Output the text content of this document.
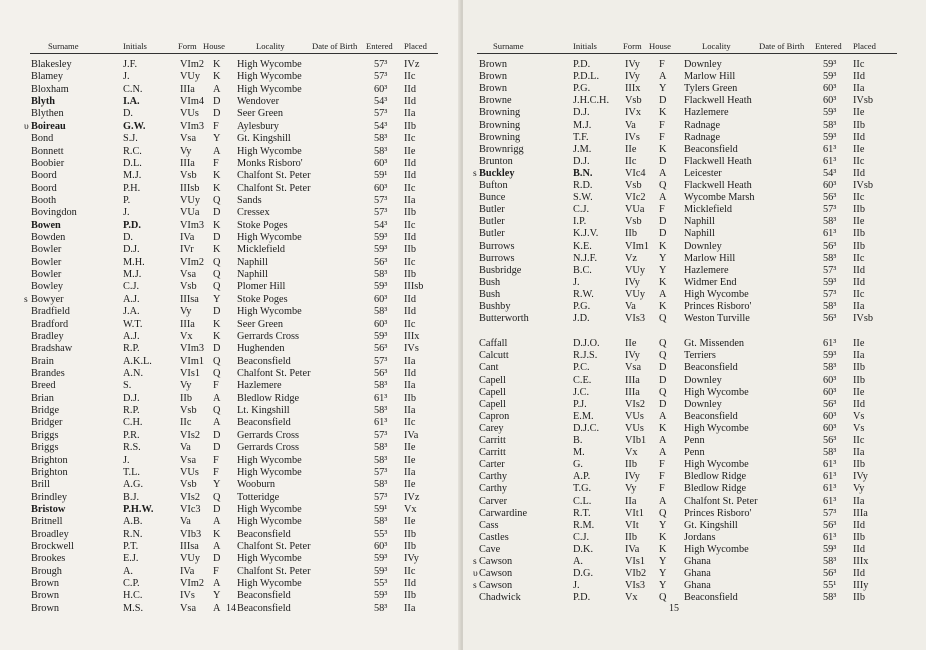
Surname	Initials	Form House	Locality	Date of Birth Entered Placed
Blakesley	J.F.	VIm2 K High Wycombe	57³ IVz
Blamey	J.	VUy K High Wycombe	57³ IIc
Bloxham	C.N.	IIIa A High Wycombe	60³ IId
Blyth	I.A.	VIm4 D Wendover	54³ IId
Blythen	D.	VUs D Seer Green	57³ IIa
υ Boireau	G.W.	VIm3 F Aylesbury	54³ IIb
Bond	S.J.	Vsa Y Gt. Kingshill	58³ IIc
Bonnett	R.C.	Vy A High Wycombe	58³ IIe
Boobier	D.L.	IIIa F Monks Risboro'	60³ IId
Boord	M.J.	Vsb K Chalfont St. Peter	59¹ IId
Boord	P.H.	IIIsb K Chalfont St. Peter	60³ IIc
Booth	P.	VUy Q Sands	57³ IIa
Bovingdon	J.	VUa D Cressex	57³ IIb
Bowen	P.D.	VIm3 K Stoke Poges	54³ IIc
Bowden	D.	IVa D High Wycombe	59³ IId
Bowler	D.J.	IVr K Micklefield	59³ IIb
Bowler	M.H.	VIm2 Q Naphill	56³ IIc
Bowler	M.J.	Vsa Q Naphill	58³ IIb
Bowley	C.J.	Vsb Q Plomer Hill	59³ IIIsb
s Bowyer	A.J.	IIIsa Y Stoke Poges	60³ IId
Bradfield	J.A.	Vy D High Wycombe	58³ IId
Bradford	W.T.	IIIa K Seer Green	60³ IIc
Bradley	A.J.	Vx K Gerrards Cross	59³ IIIx
Bradshaw	R.P.	VIm3 D Hughenden	56³ IVs
Brain	A.K.L.	VIm1 Q Beaconsfield	57³ IIa
Brandes	A.N.	VIs1 Q Chalfont St. Peter	56³ IId
Breed	S.	Vy F Hazlemere	58³ IIa
Brian	D.J.	IIb A Bledlow Ridge	61³ IIb
Bridge	R.P.	Vsb Q Lt. Kingshill	58³ IIa
Bridger	C.H.	IIc A Beaconsfield	61³ IIc
Briggs	P.R.	VIs2 D Gerrards Cross	57³ IVa
Briggs	R.S.	Va D Gerrards Cross	58³ IIe
Brighton	J.	Vsa F High Wycombe	58³ IIe
Brighton	T.L.	VUs F High Wycombe	57³ IIa
Brill	A.G.	Vsb Y Wooburn	58³ IIe
Brindley	B.J.	VIs2 Q Totteridge	57³ IVz
Bristow	P.H.W.	VIc3 D High Wycombe	59¹ Vx
Britnell	A.B.	Va A High Wycombe	58³ IIe
Broadley	R.N.	VIb3 K Beaconsfield	55³ IIb
Brockwell	P.T.	IIIsa A Chalfont St. Peter	60³ IIb
Brookes	E.J.	VUy D High Wycombe	59³ IVy
Brough	A.	IVa F Chalfont St. Peter	59³ IIc
Brown	C.P.	VIm2 A High Wycombe	55³ IId
Brown	H.C.	IVs Y Beaconsfield	59³ IIb
Brown	M.S.	Vsa A Beaconsfield	58³ IIa
14
Surname	Initials	Form House	Locality	Date of Birth Entered Placed
Brown	P.D.	IVy F Downley	59³ IIc
Brown	P.D.L.	IVy A Marlow Hill	59³ IId
Brown	P.G.	IIIx Y Tylers Green	60³ IIa
Browne	J.H.C.H. Vsb D Flackwell Heath	60³ IVsb
Browning	D.J.	IVx K Hazlemere	59³ IIe
Browning	M.J.	Va F Radnage	58³ IIb
Browning	T.F.	IVs F Radnage	59³ IId
Brownrigg	J.M.	IIe K Beaconsfield	61³ IIe
Brunton	D.J.	IIc D Flackwell Heath	61³ IIc
s Buckley	B.N.	VIc4 A Leicester	54³ IId
Bufton	R.D.	Vsb Q Flackwell Heath	60³ IVsb
Bunce	S.W.	VIc2 A Wycombe Marsh	56³ IIc
Butler	C.J.	VUa F Micklefield	57³ IIb
Butler	I.P.	Vsb D Naphill	58³ IIe
Butler	K.J.V.	IIb D Naphill	61³ IIb
Burrows	K.E.	VIm1 K Downley	56³ IIb
Burrows	N.J.F.	Vz Y Marlow Hill	58³ IIc
Busbridge	B.C.	VUy Y Hazlemere	57³ IId
Bush	J.	IVy K Widmer End	59³ IId
Bush	R.W.	VUy A High Wycombe	57³ IIc
Bushby	P.G.	Va K Princes Risboro'	58³ IIa
Butterworth	J.D.	VIs3 Q Weston Turville	56³ IVsb
Caffall	D.J.O. IIe Q Gt. Missenden	61³ IIe
Calcutt	R.J.S.	IVy Q Terriers	59³ IIa
Cant	P.C.	Vsa D Beaconsfield	58³ IIb
Capell	C.E.	IIIa D Downley	60³ IIb
Capell	J.C.	IIIa Q High Wycombe	60³ IIe
Capell	P.J.	VIs2 D Downley	56³ IId
Capron	E.M.	VUs A Beaconsfield	60³ Vs
Carey	D.J.C.	VUs K High Wycombe	60³ Vs
Carritt	B.	VIb1 A Penn	56³ IIc
Carritt	M.	Vx A Penn	58³ IIa
Carter	G.	IIb F High Wycombe	61³ IIb
Carthy	A.P.	IVy F Bledlow Ridge	61³ IVy
Carthy	T.G.	Vy F Bledlow Ridge	61³ Vy
Carver	C.L.	IIa A Chalfont St. Peter	61³ IIa
Carwardine	R.T.	VIt1 Q Princes Risboro'	57³ IIIa
Cass	R.M.	VIt Y Gt. Kingshill	56³ IId
Castles	C.J.	IIb K Jordans	61³ IIb
Cave	D.K.	IVa K High Wycombe	59³ IId
s Cawson	A.	VIs1 Y Ghana	58³ IIIx
υ Cawson	D.G.	VIb2 Y Ghana	56³ IId
s Cawson	J.	VIs3 Y Ghana	55¹ IIIy
Chadwick	P.D.	Vx Q Beaconsfield	58³ IIb
15
